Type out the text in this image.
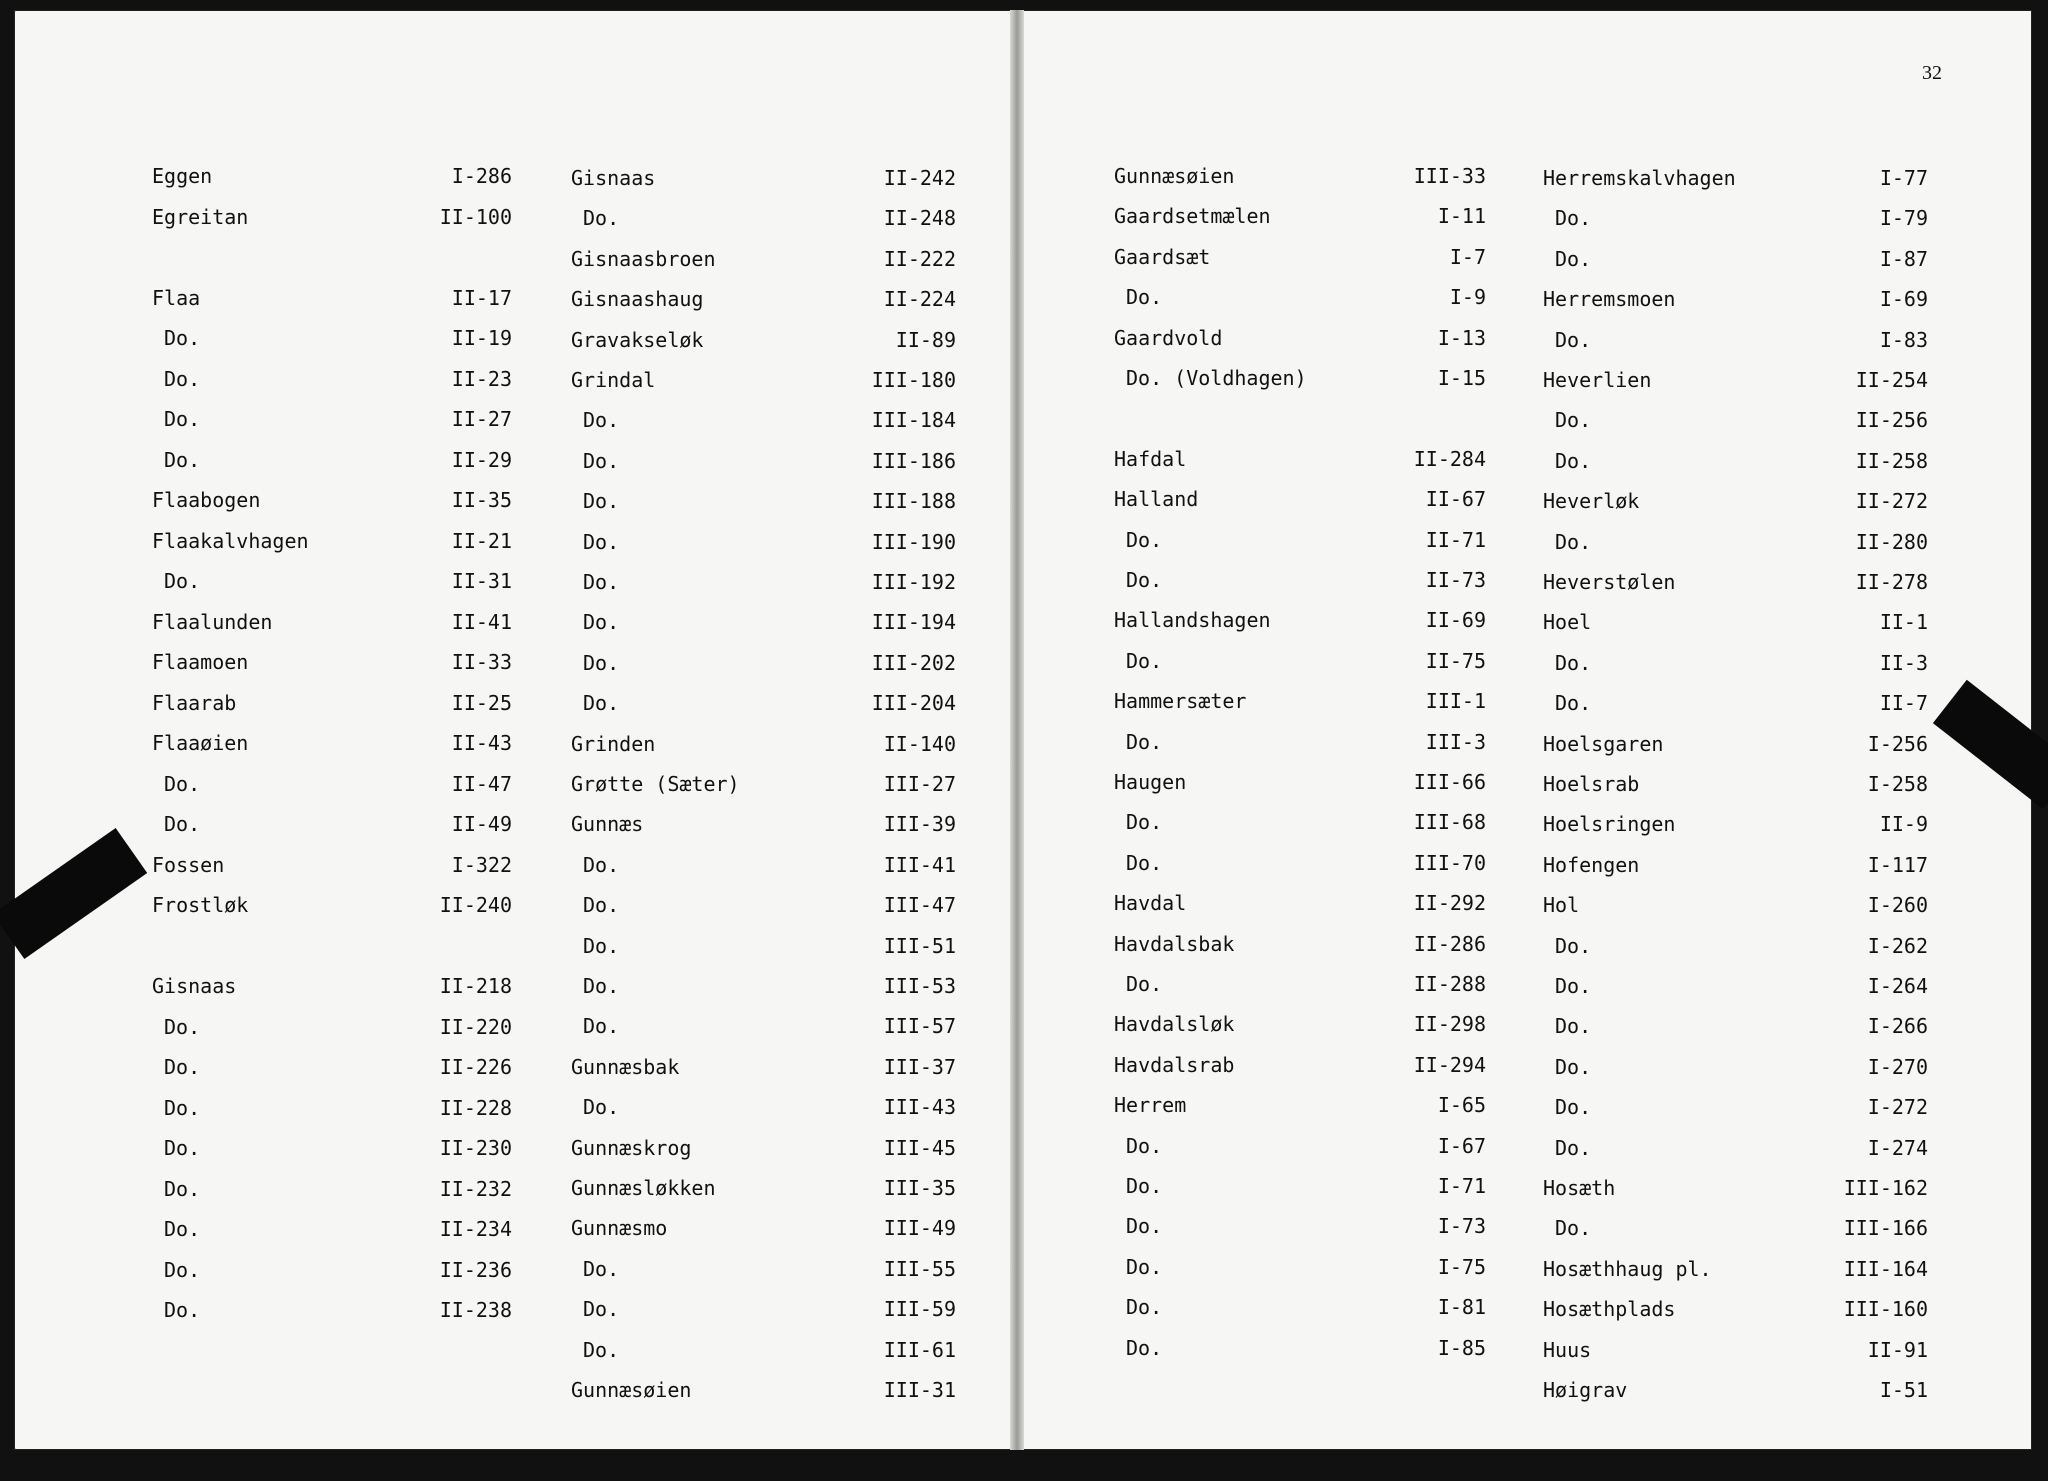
32
Eggen	I-286
Egreitan	II-100
Flaa	II-17
Do.	II-19
Do.	II-23
Do.	II-27
Do.	II-29
Flaabogen	II-35
Flaakalvhagen	II-21
Do.	II-31
Flaalunden	II-41
Flaamoen	II-33
Flaarab	II-25
Flaaøien	II-43
Do.	II-47
Do.	II-49
Fossen	I-322
Frostløk	II-240
Gisnaas	II-218
Do.	II-220
Do.	II-226
Do.	II-228
Do.	II-230
Do.	II-232
Do.	II-234
Do.	II-236
Do.	II-238
Gisnaas	II-242
Do.	II-248
Gisnaasbroen	II-222
Gisnaashaug	II-224
Gravakseløk	II-89
Grindal	III-180
Do.	III-184
Do.	III-186
Do.	III-188
Do.	III-190
Do.	III-192
Do.	III-194
Do.	III-202
Do.	III-204
Grinden	II-140
Grøtte (Sæter)	III-27
Gunnæs	III-39
Do.	III-41
Do.	III-47
Do.	III-51
Do.	III-53
Do.	III-57
Gunnæsbak	III-37
Do.	III-43
Gunnæskrog	III-45
Gunnæsløkken	III-35
Gunnæsmo	III-49
Do.	III-55
Do.	III-59
Do.	III-61
Gunnæsøien	III-31
Gunnæsøien	III-33
Gaardsetmælen	I-11
Gaardsæt	I-7
Do.	I-9
Gaardvold	I-13
Do. (Voldhagen)	I-15
Hafdal	II-284
Halland	II-67
Do.	II-71
Do.	II-73
Hallandshagen	II-69
Do.	II-75
Hammersæter	III-1
Do.	III-3
Haugen	III-66
Do.	III-68
Do.	III-70
Havdal	II-292
Havdalsbak	II-286
Do.	II-288
Havdalsløk	II-298
Havdalsrab	II-294
Herrem	I-65
Do.	I-67
Do.	I-71
Do.	I-73
Do.	I-75
Do.	I-81
Do.	I-85
Herremskalvhagen	I-77
Do.	I-79
Do.	I-87
Herremsmoen	I-69
Do.	I-83
Heverlien	II-254
Do.	II-256
Do.	II-258
Heverløk	II-272
Do.	II-280
Heverstølen	II-278
Hoel	II-1
Do.	II-3
Do.	II-7
Hoelsgaren	I-256
Hoelsrab	I-258
Hoelsringen	II-9
Hofengen	I-117
Hol	I-260
Do.	I-262
Do.	I-264
Do.	I-266
Do.	I-270
Do.	I-272
Do.	I-274
Hosæth	III-162
Do.	III-166
Hosæthhaug pl.	III-164
Hosæthplads	III-160
Huus	II-91
Høigrav	I-51
